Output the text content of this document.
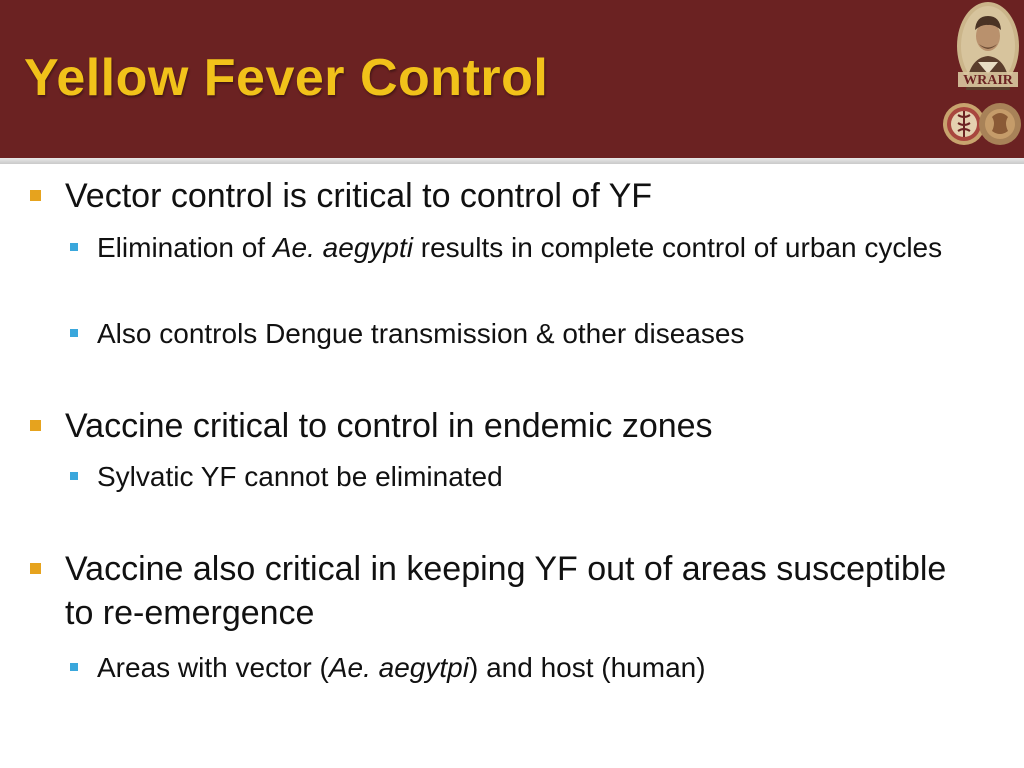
Yellow Fever Control	WRAIR
Vector control is critical to control of YF
Elimination of Ae. aegypti results in complete control of urban cycles
Also controls Dengue transmission & other diseases
Vaccine critical to control in endemic zones
Sylvatic YF cannot be eliminated
Vaccine also critical in keeping YF out of areas susceptible to re-emergence
Areas with vector (Ae. aegytpi) and host (human)
